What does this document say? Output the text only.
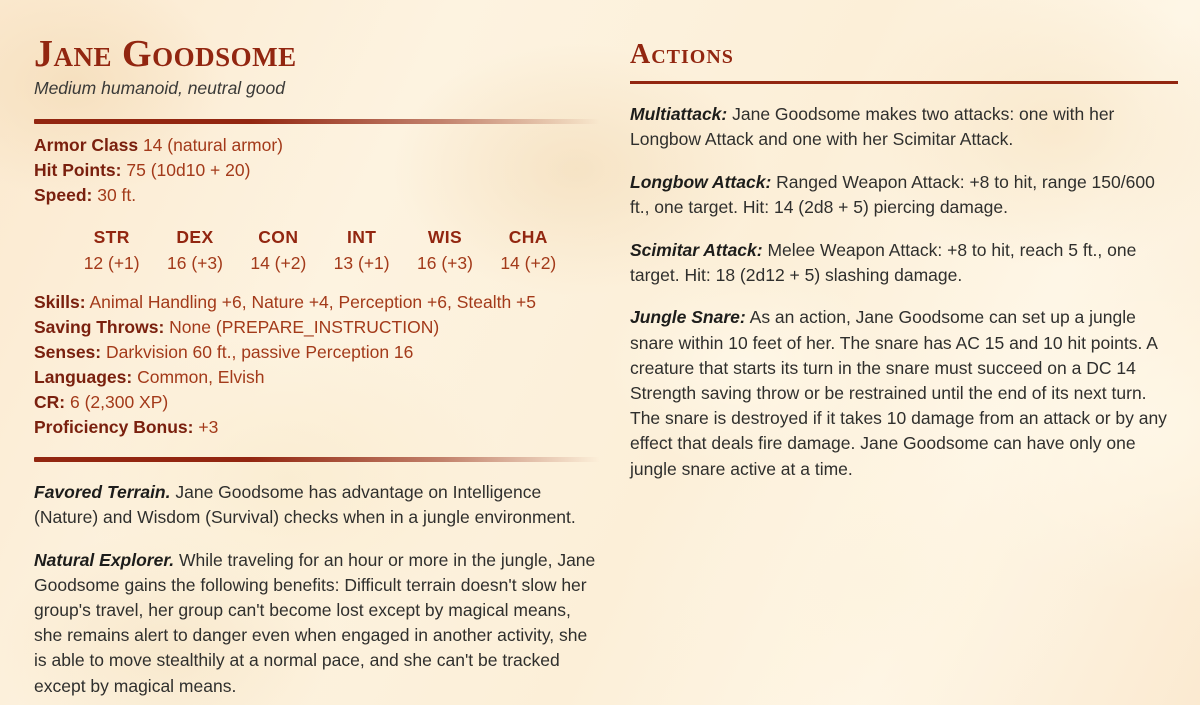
Jane Goodsome
Medium humanoid, neutral good
Armor Class 14 (natural armor)
Hit Points: 75 (10d10 + 20)
Speed: 30 ft.
STR
12 (+1)
DEX
16 (+3)
CON
14 (+2)
INT
13 (+1)
WIS
16 (+3)
CHA
14 (+2)
Skills: Animal Handling +6, Nature +4, Perception +6, Stealth +5
Saving Throws: None (PREPARE_INSTRUCTION)
Senses: Darkvision 60 ft., passive Perception 16
Languages: Common, Elvish
CR: 6 (2,300 XP)
Proficiency Bonus: +3

Favored Terrain. Jane Goodsome has advantage on Intelligence (Nature) and Wisdom (Survival) checks when in a jungle environment.

Natural Explorer. While traveling for an hour or more in the jungle, Jane Goodsome gains the following benefits: Difficult terrain doesn't slow her group's travel, her group can't become lost except by magical means, she remains alert to danger even when engaged in another activity, she is able to move stealthily at a normal pace, and she can't be tracked except by magical means.

Actions

Multiattack: Jane Goodsome makes two attacks: one with her Longbow Attack and one with her Scimitar Attack.

Longbow Attack: Ranged Weapon Attack: +8 to hit, range 150/600 ft., one target. Hit: 14 (2d8 + 5) piercing damage.

Scimitar Attack: Melee Weapon Attack: +8 to hit, reach 5 ft., one target. Hit: 18 (2d12 + 5) slashing damage.

Jungle Snare: As an action, Jane Goodsome can set up a jungle snare within 10 feet of her. The snare has AC 15 and 10 hit points. A creature that starts its turn in the snare must succeed on a DC 14 Strength saving throw or be restrained until the end of its next turn. The snare is destroyed if it takes 10 damage from an attack or by any effect that deals fire damage. Jane Goodsome can have only one jungle snare active at a time.
